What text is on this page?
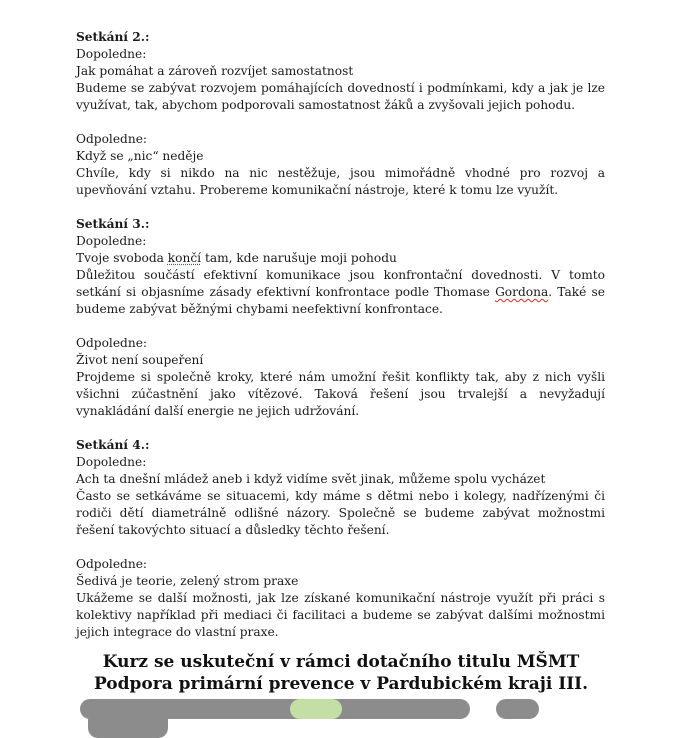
Setkání 2.:
Dopoledne:
Jak pomáhat a zároveň rozvíjet samostatnost
Budeme se zabývat rozvojem pomáhajících dovedností i podmínkami, kdy a jak je lze využívat, tak, abychom podporovali samostatnost žáků a zvyšovali jejich pohodu.
Odpoledne:
Když se „nic“ neděje
Chvíle, kdy si nikdo na nic nestěžuje, jsou mimořádně vhodné pro rozvoj a upevňování vztahu. Probereme komunikační nástroje, které k tomu lze využít.
Setkání 3.:
Dopoledne:
Tvoje svoboda končí tam, kde narušuje moji pohodu
Důležitou součástí efektivní komunikace jsou konfrontační dovednosti. V tomto setkání si objasníme zásady efektivní konfrontace podle Thomase Gordona. Také se budeme zabývat běžnými chybami neefektivní konfrontace.
Odpoledne:
Život není soupeření
Projdeme si společně kroky, které nám umožní řešit konflikty tak, aby z nich vyšli všichni zúčastnění jako vítězové. Taková řešení jsou trvalejší a nevyžadují vynakládání další energie ne jejich udržování.
Setkání 4.:
Dopoledne:
Ach ta dnešní mládež aneb i když vidíme svět jinak, můžeme spolu vycházet
Často se setkáváme se situacemi, kdy máme s dětmi nebo i kolegy, nadřízenými či rodiči dětí diametrálně odlišné názory. Společně se budeme zabývat možnostmi řešení takovýchto situací a důsledky těchto řešení.
Odpoledne:
Šedivá je teorie, zelený strom praxe
Ukážeme se další možnosti, jak lze získané komunikační nástroje využít při práci s kolektivy například při mediaci či facilitaci a budeme se zabývat dalšími možnostmi jejich integrace do vlastní praxe.
Kurz se uskuteční v rámci dotačního titulu MŠMT
Podpora primární prevence v Pardubickém kraji III.
